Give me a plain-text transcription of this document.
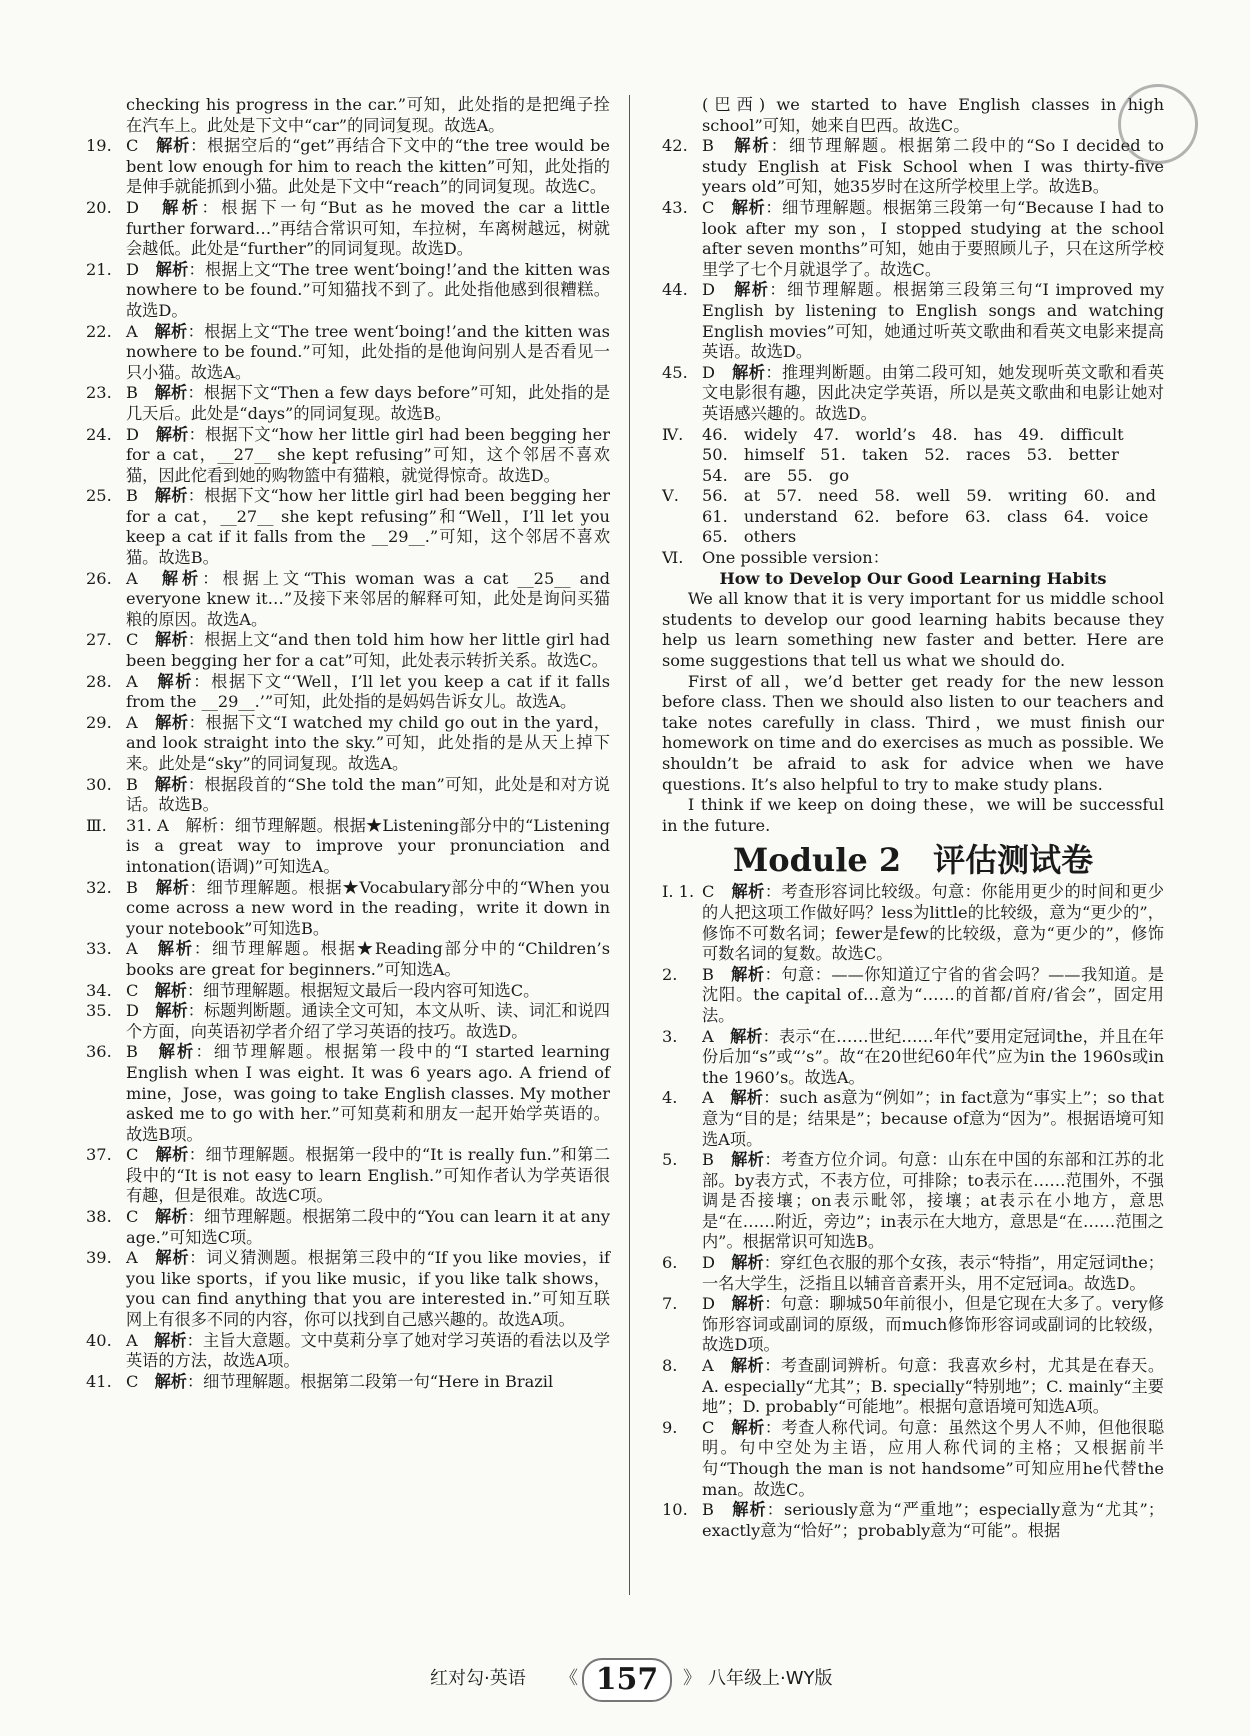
checking his progress in the car.”可知，此处指的是把绳子拴在汽车上。此处是下文中“car”的同词复现。故选A。
19. C　 解析：根据空后的“get”再结合下文中的“the tree would be bent low enough for him to reach the kitten”可知，此处指的是伸手就能抓到小猫。此处是下文中“reach”的同词复现。故选C。
20. D　 解析：根据下一句“But as he moved the car a little further forward…”再结合常识可知，车拉树，车离树越远，树就会越低。此处是“further”的同词复现。故选D。
21. D　 解析：根据上文“The tree went‘boing!’and the kitten was nowhere to be found.”可知猫找不到了。此处指他感到很糟糕。故选D。
22. A　 解析：根据上文“The tree went‘boing!’and the kitten was nowhere to be found.”可知，此处指的是他询问别人是否看见一只小猫。故选A。
23. B　 解析：根据下文“Then a few days before”可知，此处指的是几天后。此处是“days”的同词复现。故选B。
24. D　 解析：根据下文“how her little girl had been begging her for a cat，__27__ she kept refusing”可知，这个邻居不喜欢猫，因此佗看到她的购物篮中有猫粮，就觉得惊奇。故选D。
25. B　 解析：根据下文“how her little girl had been begging her for a cat，__27__ she kept refusing”和“Well，I’ll let you keep a cat if it falls from the __29__.”可知，这个邻居不喜欢猫。故选B。
26. A　 解析：根据上文“This woman was a cat __25__ and everyone knew it…”及接下来邻居的解释可知，此处是询问买猫粮的原因。故选A。
27. C　 解析：根据上文“and then told him how her little girl had been begging her for a cat”可知，此处表示转折关系。故选C。
28. A　 解析：根据下文“‘Well，I’ll let you keep a cat if it falls from the __29__.’”可知，此处指的是妈妈告诉女儿。故选A。
29. A　 解析：根据下文“I watched my child go out in the yard，and look straight into the sky.”可知，此处指的是从天上掉下来。此处是“sky”的同词复现。故选A。
30. B　 解析：根据段首的“She told the man”可知，此处是和对方说话。故选B。
Ⅲ.	31. A　解析：细节理解题。根据★Listening部分中的“Listening is a great way to improve your pronunciation and intonation(语调)”可知选A。
32. B　 解析：细节理解题。根据★Vocabulary部分中的“When you come across a new word in the reading，write it down in your notebook”可知选B。
33. A　 解析：细节理解题。根据★Reading部分中的“Children’s books are great for beginners.”可知选A。
34. C　 解析：细节理解题。根据短文最后一段内容可知选C。
35. D　 解析：标题判断题。通读全文可知，本文从听、读、词汇和说四个方面，向英语初学者介绍了学习英语的技巧。故选D。
36. B　 解析：细节理解题。根据第一段中的“I started learning English when I was eight. It was 6 years ago. A friend of mine，Jose，was going to take English classes. My mother asked me to go with her.”可知莫莉和朋友一起开始学英语的。故选B项。
37. C　 解析：细节理解题。根据第一段中的“It is really fun.”和第二段中的“It is not easy to learn English.”可知作者认为学英语很有趣，但是很难。故选C项。
38. C　 解析：细节理解题。根据第二段中的“You can learn it at any age.”可知选C项。
39. A　 解析：词义猜测题。根据第三段中的“If you like movies，if you like sports，if you like music，if you like talk shows，you can find anything that you are interested in.”可知互联网上有很多不同的内容，你可以找到自己感兴趣的。故选A项。
40. A　 解析：主旨大意题。文中莫莉分享了她对学习英语的看法以及学英语的方法，故选A项。
41. C　 解析：细节理解题。根据第二段第一句“Here in Brazil
(巴西) we started to have English classes in high school”可知，她来自巴西。故选C。
42. B　 解析：细节理解题。根据第二段中的“So I decided to study English at Fisk School when I was thirty-five years old”可知，她35岁时在这所学校里上学。故选B。
43. C　 解析：细节理解题。根据第三段第一句“Because I had to look after my son，I stopped studying at the school after seven months”可知，她由于要照顾儿子，只在这所学校里学了七个月就退学了。故选C。
44. D　 解析：细节理解题。根据第三段第三句“I improved my English by listening to English songs and watching English movies”可知，她通过听英文歌曲和看英文电影来提高英语。故选D。
45. D　 解析：推理判断题。由第二段可知，她发现听英文歌和看英文电影很有趣，因此决定学英语，所以是英文歌曲和电影让她对英语感兴趣的。故选D。
Ⅳ.	46.　widely　47.　world’s　48.　has　49.　difficult
50.　himself　51.　taken　52.　races　53.　better
54.　are　55.　go
Ⅴ.	56.　at　57.　need　58.　well　59.　writing　60.　and
61.　understand　62.　before　63.　class　64.　voice
65.　others
Ⅵ.	One possible version：

How to Develop Our Good Learning Habits

We all know that it is very important for us middle school students to develop our good learning habits because they help us learn something new faster and better. Here are some suggestions that tell us what we should do.

First of all，we’d better get ready for the new lesson before class. Then we should also listen to our teachers and take notes carefully in class. Third，we must finish our homework on time and do exercises as much as possible. We shouldn’t be afraid to ask for advice when we have questions. It’s also helpful to try to make study plans.

I think if we keep on doing these，we will be successful in the future.

Module 2　评估测试卷
Ⅰ. 1. C　 解析：考查形容词比较级。句意：你能用更少的时间和更少的人把这项工作做好吗？less为little的比较级，意为“更少的”，修饰不可数名词；fewer是few的比较级，意为“更少的”，修饰可数名词的复数。故选C。
2.	B　 解析：句意：——你知道辽宁省的省会吗？——我知道。是沈阳。the capital of…意为“……的首都/首府/省会”，固定用法。
3.	A　 解析：表示“在……世纪……年代”要用定冠词the，并且在年份后加“s”或“’s”。故“在20世纪60年代”应为in the 1960s或in the 1960’s。故选A。
4.	A　 解析：such as意为“例如”；in fact意为“事实上”；so that意为“目的是；结果是”；because of意为“因为”。根据语境可知选A项。
5.	B　 解析：考查方位介词。句意：山东在中国的东部和江苏的北部。by表方式，不表方位，可排除；to表示在……范围外，不强调是否接壤；on表示毗邻，接壤；at表示在小地方，意思是“在……附近，旁边”；in表示在大地方，意思是“在……范围之内”。根据常识可知选B。
6.	D　 解析：穿红色衣服的那个女孩，表示“特指”，用定冠词the；一名大学生，泛指且以辅音音素开头，用不定冠词a。故选D。
7.	D　 解析：句意：聊城50年前很小，但是它现在大多了。very修饰形容词或副词的原级，而much修饰形容词或副词的比较级，故选D项。
8.	A　 解析：考查副词辨析。句意：我喜欢乡村，尤其是在春天。A. especially“尤其”；B. specially“特别地”；C. mainly“主要地”；D. probably“可能地”。根据句意语境可知选A项。
9.	C　 解析：考查人称代词。句意：虽然这个男人不帅，但他很聪明。句中空处为主语，应用人称代词的主格；又根据前半句“Though the man is not handsome”可知应用he代替the man。故选C。
10. B　 解析：seriously意为“严重地”；especially意为“尤其”；exactly意为“恰好”；probably意为“可能”。根据
红对勾·英语 《 157	》 八年级上·WY版
